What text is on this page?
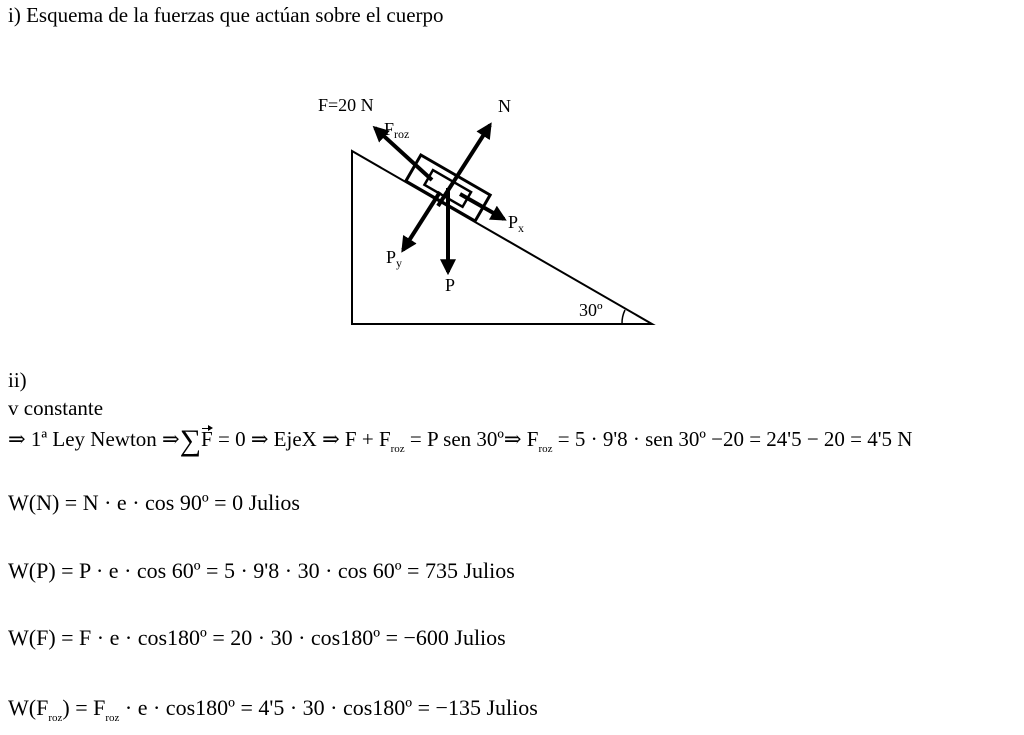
i) Esquema de la fuerzas que actúan sobre el cuerpo
F=20 N
Froz
N
$P_x$
$P_y$
P
30º
ii)
v constante
⇒ 1ª Ley Newton ⇒∑F = 0 ⇒ EjeX ⇒ $F + F_{roz} = P$ sen 30º⇒ $F_{roz} = 5 \cdot 9'8$ · sen 30º −20 = 24'5 − 20 = 4'5 N
W(N) = N · e · cos 90º = 0 Julios
W(P) = P · e · cos 60º = 5 · 9'8 · 30 · cos 60º = 735 Julios
W(F) = F · e · cos180º = 20 · 30 · cos180º = −600 Julios
$W(F_{roz}) = F_{roz} \cdot e$ · cos180º = 4'5 · 30 · cos180º = −135 Julios
